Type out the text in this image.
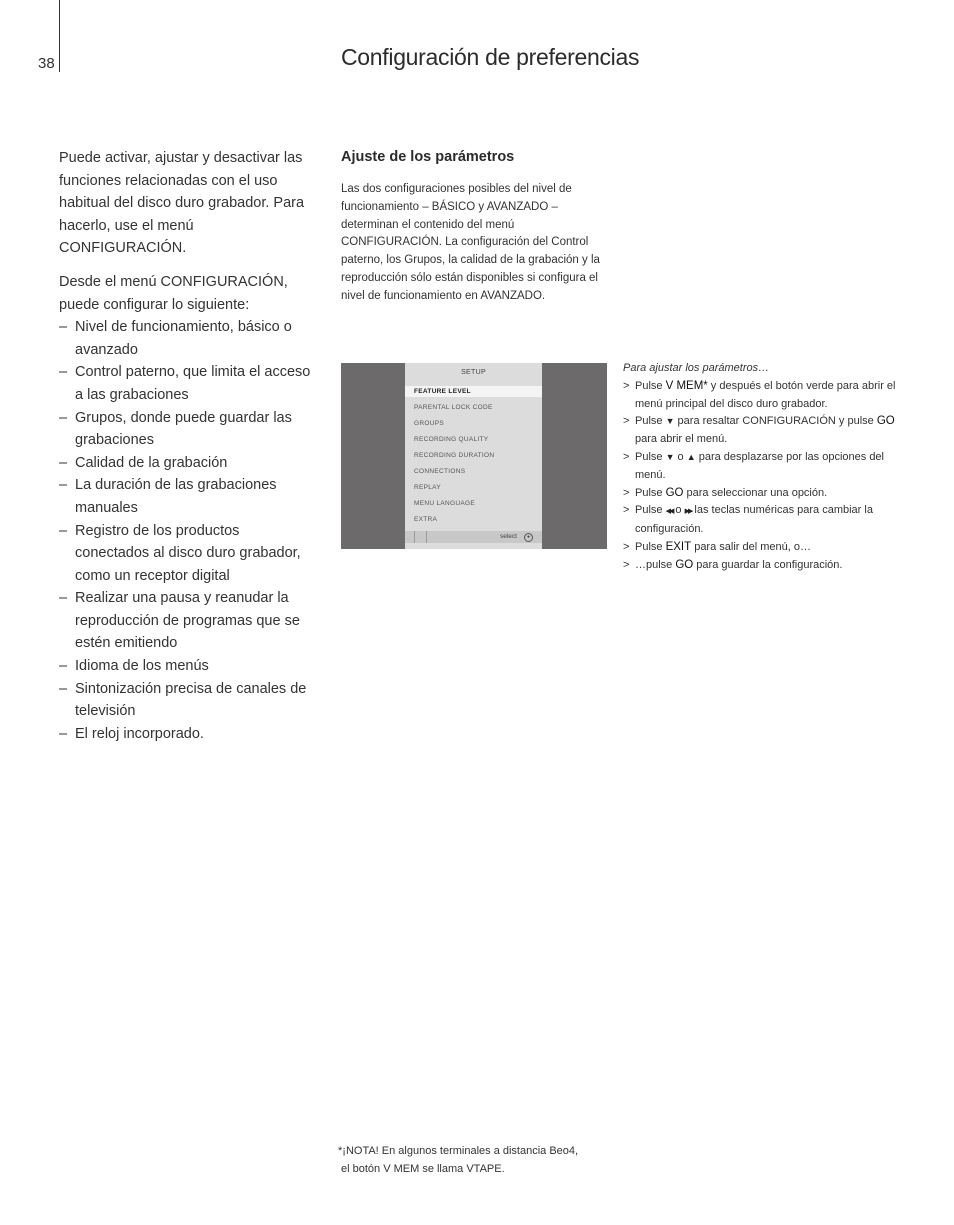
38	Configuración de preferencias

Puede activar, ajustar y desactivar las funciones relacionadas con el uso habitual del disco duro grabador. Para hacerlo, use el menú CONFIGURACIÓN.

Desde el menú CONFIGURACIÓN, puede configurar lo siguiente:

– Nivel de funcionamiento, básico o avanzado
– Control paterno, que limita el acceso a las grabaciones
– Grupos, donde puede guardar las grabaciones
– Calidad de la grabación
– La duración de las grabaciones manuales
– Registro de los productos conectados al disco duro grabador, como un receptor digital
– Realizar una pausa y reanudar la reproducción de programas que se estén emitiendo
– Idioma de los menús
– Sintonización precisa de canales de televisión
– El reloj incorporado.
Ajuste de los parámetros

Las dos configuraciones posibles del nivel de funcionamiento – BÁSICO y AVANZADO – determinan el contenido del menú CONFIGURACIÓN. La configuración del Control paterno, los Grupos, la calidad de la grabación y la reproducción sólo están disponibles si configura el nivel de funcionamiento en AVANZADO.

SETUP
FEATURE LEVEL
PARENTAL LOCK CODE
GROUPS
RECORDING QUALITY
RECORDING DURATION
CONNECTIONS
REPLAY
MENU LANGUAGE
EXTRA
select	●

Para ajustar los parámetros…

> Pulse V MEM* y después el botón verde para abrir el menú principal del disco duro grabador.
> Pulse ▼ para resaltar CONFIGURACIÓN y pulse GO para abrir el menú.
> Pulse ▼ o ▲ para desplazarse por las opciones del menú.
> Pulse GO para seleccionar una opción.
> Pulse ◀◀ o ▶▶ las teclas numéricas para cambiar la configuración.
> Pulse EXIT para salir del menú, o…
> …pulse GO para guardar la configuración.
*¡NOTA! En algunos terminales a distancia Beo4,
el botón V MEM se llama VTAPE.
